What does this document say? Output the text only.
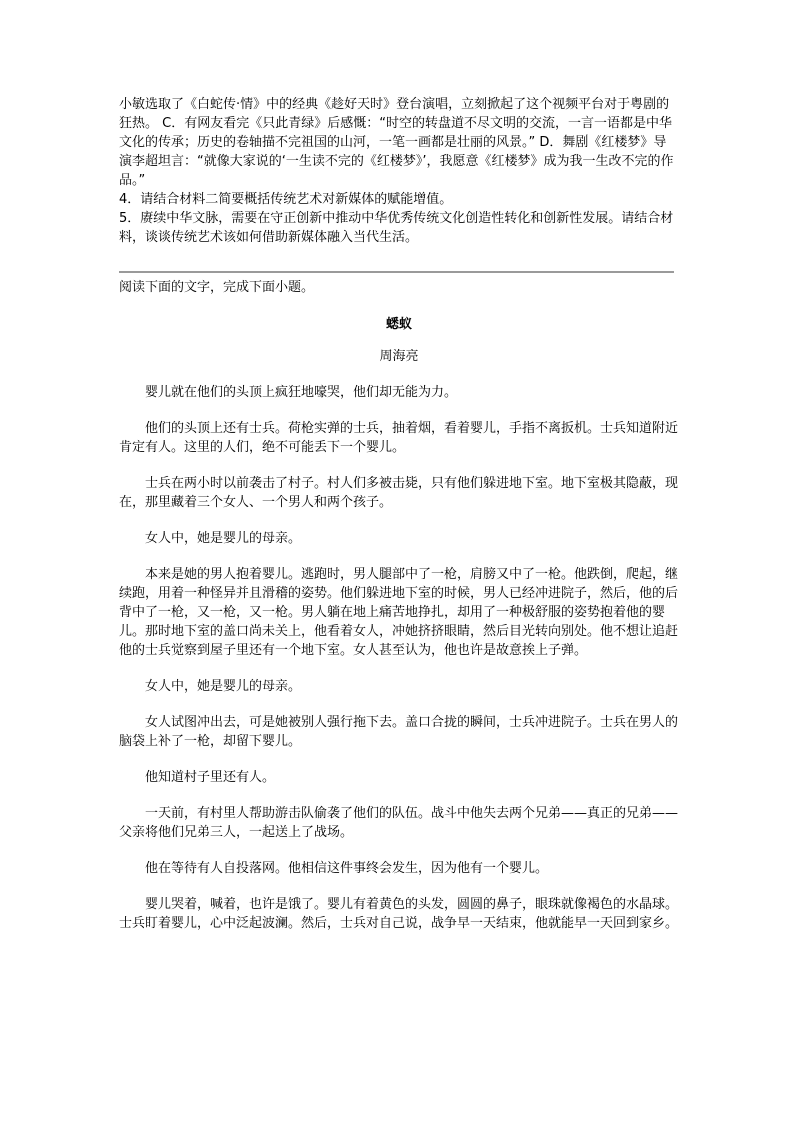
小敏选取了《白蛇传·情》中的经典《趁好天时》登台演唱，立刻掀起了这个视频平台对于粤剧的狂热。 C．有网友看完《只此青绿》后感慨：“时空的转盘道不尽文明的交流，一言一语都是中华文化的传承；历史的卷轴描不完祖国的山河，一笔一画都是壮丽的风景。” D．舞剧《红楼梦》导演李超坦言：“就像大家说的‘一生读不完的《红楼梦》’，我愿意《红楼梦》成为我一生改不完的作品。”

4．请结合材料二简要概括传统艺术对新媒体的赋能增值。

5．赓续中华文脉，需要在守正创新中推动中华优秀传统文化创造性转化和创新性发展。请结合材料，谈谈传统艺术该如何借助新媒体融入当代生活。

阅读下面的文字，完成下面小题。

蟋蚁

周海亮

婴儿就在他们的头顶上疯狂地嚎哭，他们却无能为力。

他们的头顶上还有士兵。荷枪实弹的士兵，抽着烟，看着婴儿，手指不离扳机。士兵知道附近肯定有人。这里的人们，绝不可能丢下一个婴儿。

士兵在两小时以前袭击了村子。村人们多被击毙，只有他们躲进地下室。地下室极其隐蔽，现在，那里藏着三个女人、一个男人和两个孩子。

女人中，她是婴儿的母亲。

本来是她的男人抱着婴儿。逃跑时，男人腿部中了一枪，肩膀又中了一枪。他跌倒，爬起，继续跑，用着一种怪异并且滑稽的姿势。他们躲进地下室的时候，男人已经冲进院子，然后，他的后背中了一枪，又一枪，又一枪。男人躺在地上痛苦地挣扎，却用了一种极舒服的姿势抱着他的婴儿。那时地下室的盖口尚未关上，他看着女人，冲她挤挤眼睛，然后目光转向别处。他不想让追赶他的士兵觉察到屋子里还有一个地下室。女人甚至认为，他也许是故意挨上子弹。

女人中，她是婴儿的母亲。

女人试图冲出去，可是她被别人强行拖下去。盖口合拢的瞬间，士兵冲进院子。士兵在男人的脑袋上补了一枪，却留下婴儿。

他知道村子里还有人。

一天前，有村里人帮助游击队偷袭了他们的队伍。战斗中他失去两个兄弟——真正的兄弟——父亲将他们兄弟三人，一起送上了战场。

他在等待有人自投落网。他相信这件事终会发生，因为他有一个婴儿。

婴儿哭着，喊着，也许是饿了。婴儿有着黄色的头发，圆圆的鼻子，眼珠就像褐色的水晶球。士兵盯着婴儿，心中泛起波澜。然后，士兵对自己说，战争早一天结束，他就能早一天回到家乡。
